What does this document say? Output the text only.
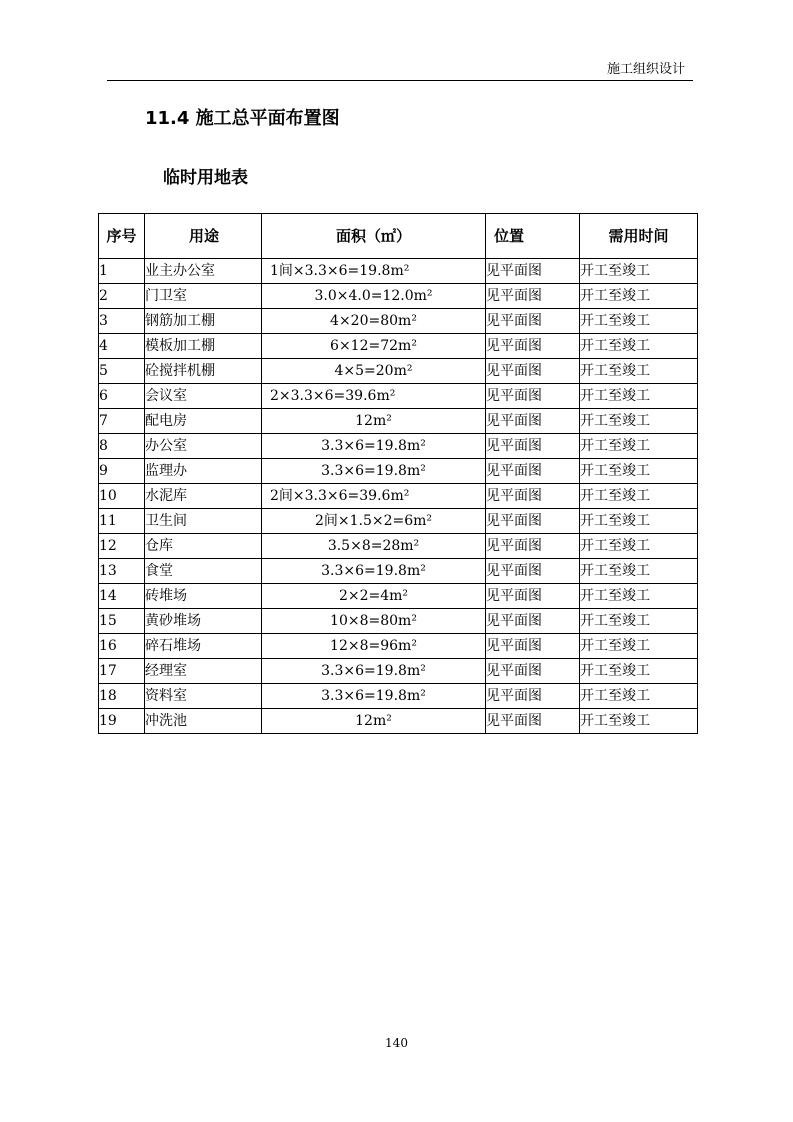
施工组织设计
11.4 施工总平面布置图
临时用地表
序号	用途	面积（㎡）	位置	需用时间
1	业主办公室	1间×3.3×6=19.8m²	见平面图	开工至竣工
2	门卫室	3.0×4.0=12.0m²	见平面图	开工至竣工
3	钢筋加工棚	4×20=80m²	见平面图	开工至竣工
4	模板加工棚	6×12=72m²	见平面图	开工至竣工
5	砼搅拌机棚	4×5=20m²	见平面图	开工至竣工
6	会议室	2×3.3×6=39.6m²	见平面图	开工至竣工
7	配电房	12m²	见平面图	开工至竣工
8	办公室	3.3×6=19.8m²	见平面图	开工至竣工
9	监理办	3.3×6=19.8m²	见平面图	开工至竣工
10	水泥库	2间×3.3×6=39.6m²	见平面图	开工至竣工
11	卫生间	2间×1.5×2=6m²	见平面图	开工至竣工
12	仓库	3.5×8=28m²	见平面图	开工至竣工
13	食堂	3.3×6=19.8m²	见平面图	开工至竣工
14	砖堆场	2×2=4m²	见平面图	开工至竣工
15	黄砂堆场	10×8=80m²	见平面图	开工至竣工
16	碎石堆场	12×8=96m²	见平面图	开工至竣工
17	经理室	3.3×6=19.8m²	见平面图	开工至竣工
18	资料室	3.3×6=19.8m²	见平面图	开工至竣工
19	冲洗池	12m²	见平面图	开工至竣工
140
